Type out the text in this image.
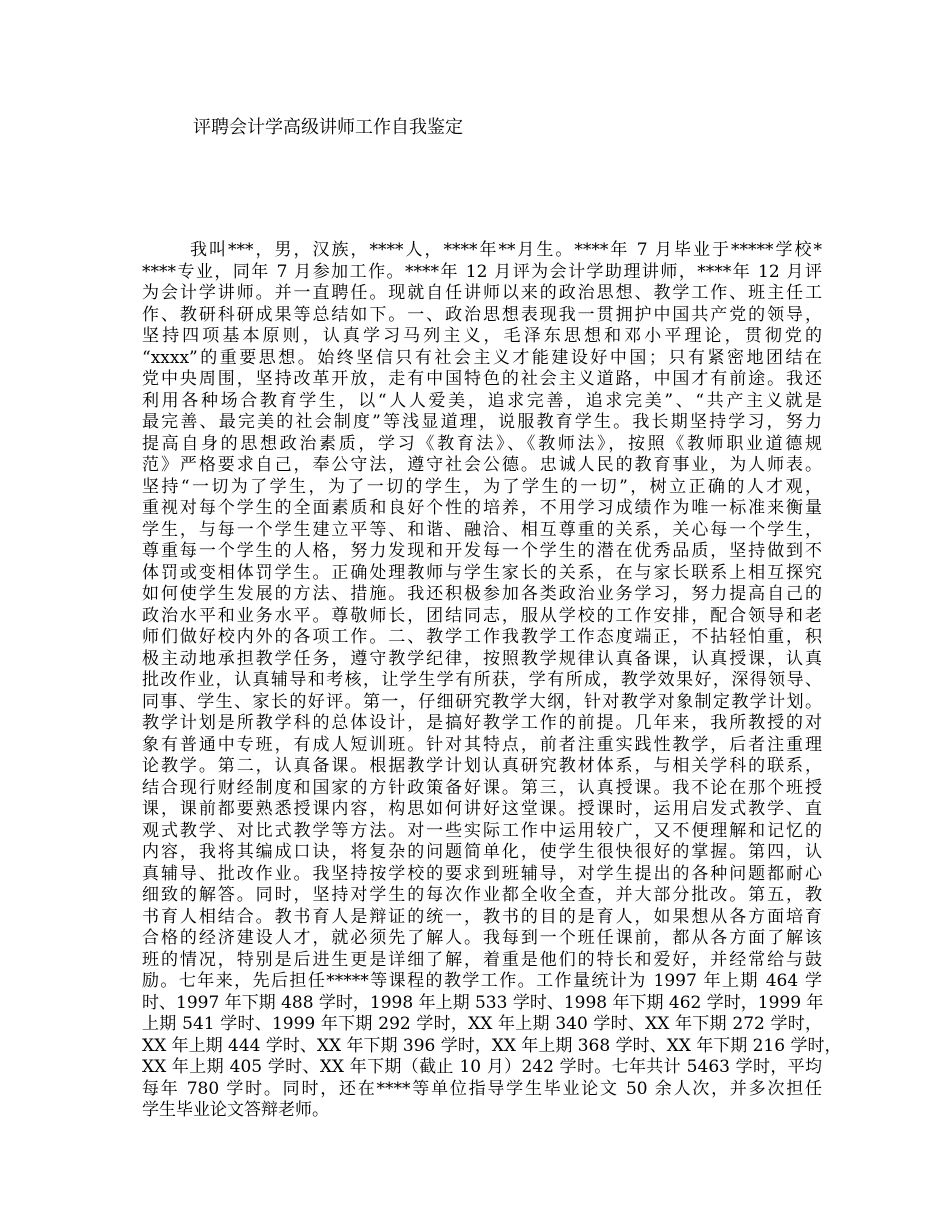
评聘会计学高级讲师工作自我鉴定
我叫***，男，汉族，****人，****年**月生。****年 7 月毕业于*****学校*
****专业，同年 7 月参加工作。****年 12 月评为会计学助理讲师，****年 12 月评
为会计学讲师。并一直聘任。现就自任讲师以来的政治思想、教学工作、班主任工
作、教研科研成果等总结如下。一、政治思想表现我一贯拥护中国共产党的领导，
坚持四项基本原则，认真学习马列主义，毛泽东思想和邓小平理论，贯彻党的
“xxxx”的重要思想。始终坚信只有社会主义才能建设好中国；只有紧密地团结在
党中央周围，坚持改革开放，走有中国特色的社会主义道路，中国才有前途。我还
利用各种场合教育学生，以“人人爱美，追求完善，追求完美”、“共产主义就是
最完善、最完美的社会制度”等浅显道理，说服教育学生。我长期坚持学习，努力
提高自身的思想政治素质，学习《教育法》、《教师法》，按照《教师职业道德规
范》严格要求自己，奉公守法，遵守社会公德。忠诚人民的教育事业，为人师表。
坚持“一切为了学生，为了一切的学生，为了学生的一切”，树立正确的人才观，
重视对每个学生的全面素质和良好个性的培养，不用学习成绩作为唯一标准来衡量
学生，与每一个学生建立平等、和谐、融洽、相互尊重的关系，关心每一个学生，
尊重每一个学生的人格，努力发现和开发每一个学生的潜在优秀品质，坚持做到不
体罚或变相体罚学生。正确处理教师与学生家长的关系，在与家长联系上相互探究
如何使学生发展的方法、措施。我还积极参加各类政治业务学习，努力提高自己的
政治水平和业务水平。尊敬师长，团结同志，服从学校的工作安排，配合领导和老
师们做好校内外的各项工作。二、教学工作我教学工作态度端正，不拈轻怕重，积
极主动地承担教学任务，遵守教学纪律，按照教学规律认真备课，认真授课，认真
批改作业，认真辅导和考核，让学生学有所获，学有所成，教学效果好，深得领导、
同事、学生、家长的好评。第一，仔细研究教学大纲，针对教学对象制定教学计划。
教学计划是所教学科的总体设计，是搞好教学工作的前提。几年来，我所教授的对
象有普通中专班，有成人短训班。针对其特点，前者注重实践性教学，后者注重理
论教学。第二，认真备课。根据教学计划认真研究教材体系，与相关学科的联系，
结合现行财经制度和国家的方针政策备好课。第三，认真授课。我不论在那个班授
课，课前都要熟悉授课内容，构思如何讲好这堂课。授课时，运用启发式教学、直
观式教学、对比式教学等方法。对一些实际工作中运用较广，又不便理解和记忆的
内容，我将其编成口诀，将复杂的问题简单化，使学生很快很好的掌握。第四，认
真辅导、批改作业。我坚持按学校的要求到班辅导，对学生提出的各种问题都耐心
细致的解答。同时，坚持对学生的每次作业都全收全查，并大部分批改。第五，教
书育人相结合。教书育人是辩证的统一，教书的目的是育人，如果想从各方面培育
合格的经济建设人才，就必须先了解人。我每到一个班任课前，都从各方面了解该
班的情况，特别是后进生更是详细了解，着重是他们的特长和爱好，并经常给与鼓
励。七年来，先后担任*****等课程的教学工作。工作量统计为 1997 年上期 464 学
时、1997 年下期 488 学时，1998 年上期 533 学时、1998 年下期 462 学时，1999 年
上期 541 学时、1999 年下期 292 学时，XX 年上期 340 学时、XX 年下期 272 学时，
XX 年上期 444 学时、XX 年下期 396 学时，XX 年上期 368 学时、XX 年下期 216 学时，
XX 年上期 405 学时、XX 年下期（截止 10 月）242 学时。七年共计 5463 学时，平均
每年 780 学时。同时，还在****等单位指导学生毕业论文 50 余人次，并多次担任
学生毕业论文答辩老师。
